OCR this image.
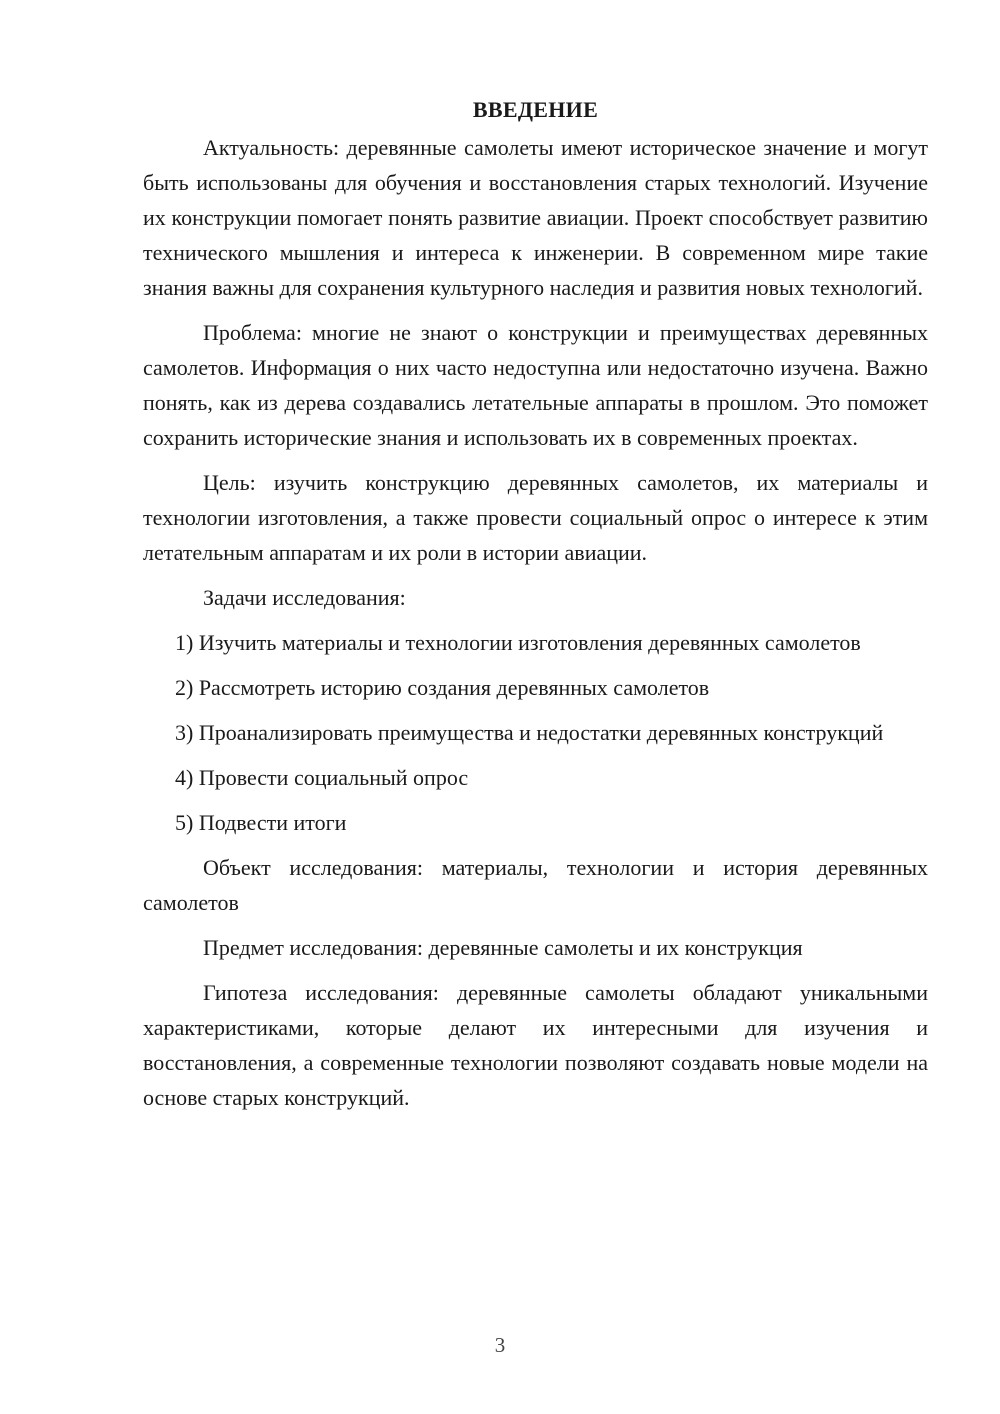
ВВЕДЕНИЕ

Актуальность: деревянные самолеты имеют историческое значение и могут быть использованы для обучения и восстановления старых технологий. Изучение их конструкции помогает понять развитие авиации. Проект способствует развитию технического мышления и интереса к инженерии. В современном мире такие знания важны для сохранения культурного наследия и развития новых технологий.

Проблема: многие не знают о конструкции и преимуществах деревянных самолетов. Информация о них часто недоступна или недостаточно изучена. Важно понять, как из дерева создавались летательные аппараты в прошлом. Это поможет сохранить исторические знания и использовать их в современных проектах.

Цель: изучить конструкцию деревянных самолетов, их материалы и технологии изготовления, а также провести социальный опрос о интересе к этим летательным аппаратам и их роли в истории авиации.

Задачи исследования:

1) Изучить материалы и технологии изготовления деревянных самолетов

2) Рассмотреть историю создания деревянных самолетов

3) Проанализировать преимущества и недостатки деревянных конструкций

4) Провести социальный опрос

5) Подвести итоги

Объект исследования: материалы, технологии и история деревянных самолетов

Предмет исследования: деревянные самолеты и их конструкция

Гипотеза исследования: деревянные самолеты обладают уникальными характеристиками, которые делают их интересными для изучения и восстановления, а современные технологии позволяют создавать новые модели на основе старых конструкций.

3
